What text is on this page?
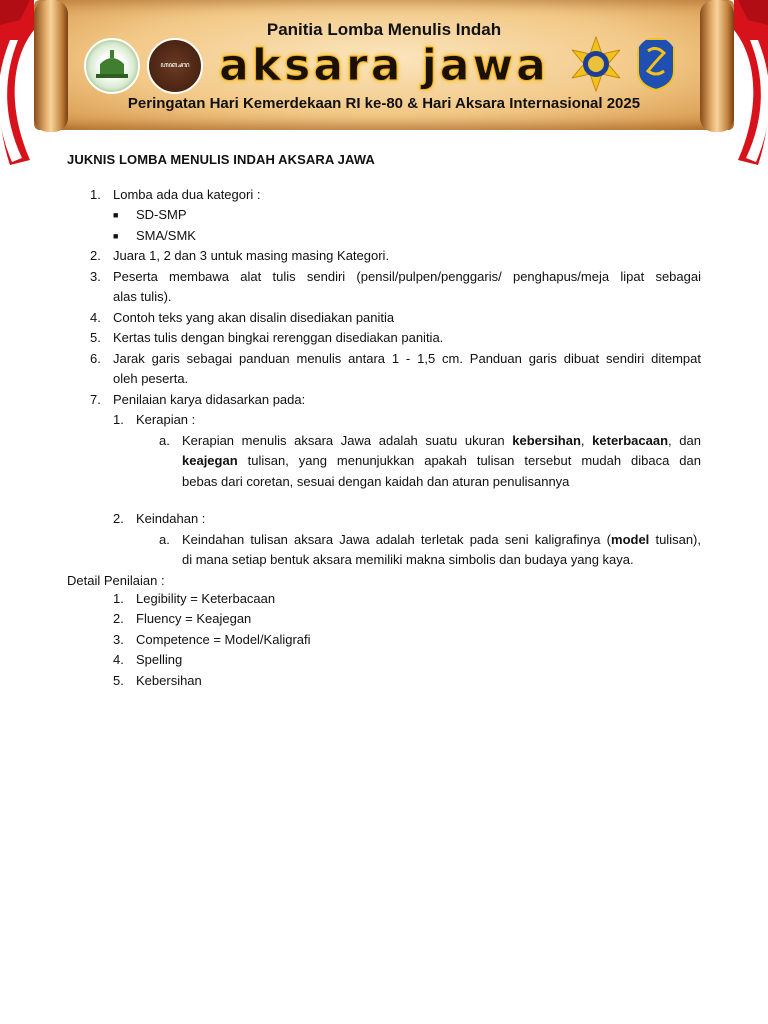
ꦲꦏ꧀ꦱꦫ
Panitia Lomba Menulis Indah
aksara jawa
Peringatan Hari Kemerdekaan RI ke-80 & Hari Aksara Internasional 2025
JUKNIS LOMBA MENULIS INDAH AKSARA JAWA
1. Lomba ada dua kategori :
■ SD-SMP
■ SMA/SMK
2. Juara 1, 2 dan 3 untuk masing masing Kategori.
3. Peserta membawa alat tulis sendiri (pensil/pulpen/penggaris/ penghapus/meja lipat sebagai
alas tulis).
4. Contoh teks yang akan disalin disediakan panitia
5. Kertas tulis dengan bingkai rerenggan disediakan panitia.
6. Jarak garis sebagai panduan menulis antara 1 - 1,5 cm. Panduan garis dibuat sendiri ditempat
oleh peserta.
7. Penilaian karya didasarkan pada:
1. Kerapian :
a. Kerapian menulis aksara Jawa adalah suatu ukuran kebersihan, keterbacaan, dan
keajegan tulisan, yang menunjukkan apakah tulisan tersebut mudah dibaca dan
bebas dari coretan, sesuai dengan kaidah dan aturan penulisannya
2. Keindahan :
a. Keindahan tulisan aksara Jawa adalah terletak pada seni kaligrafinya (model tulisan),
di mana setiap bentuk aksara memiliki makna simbolis dan budaya yang kaya.
Detail Penilaian :
1. Legibility = Keterbacaan
2. Fluency = Keajegan
3. Competence = Model/Kaligrafi
4. Spelling
5. Kebersihan
